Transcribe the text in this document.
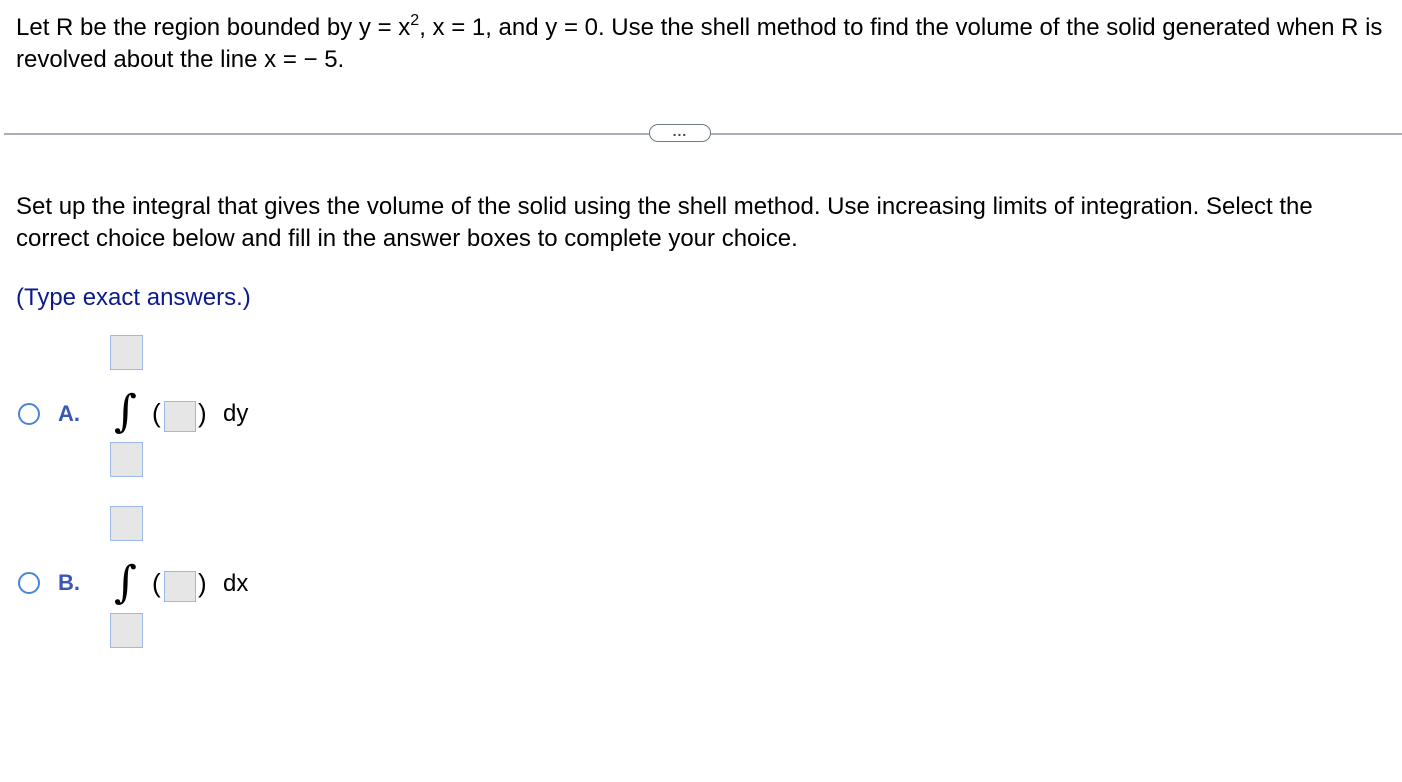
Let R be the region bounded by $y = x^2$, x = 1, and y = 0. Use the shell method to find the volume of the solid generated when R is revolved about the line x = − 5.

...

Set up the integral that gives the volume of the solid using the shell method. Use increasing limits of integration. Select the correct choice below and fill in the answer boxes to complete your choice.

(Type exact answers.)
A. ∫ ( ) dy
B. ∫ ( ) dx
